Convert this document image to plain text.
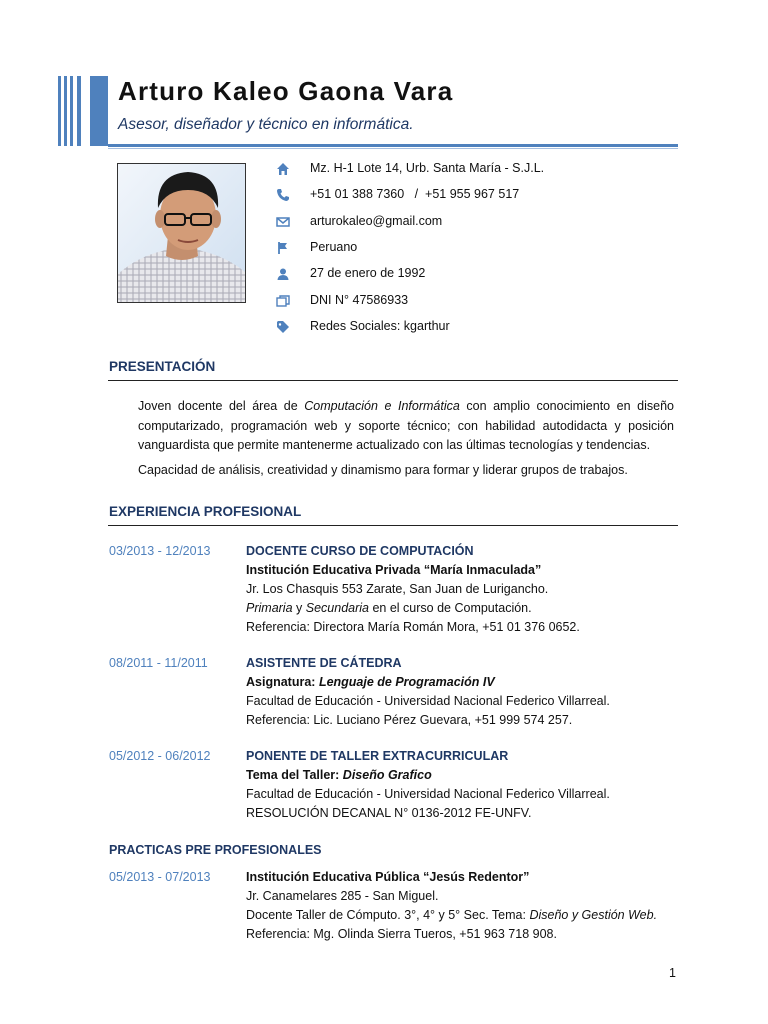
Arturo Kaleo Gaona Vara
Asesor, diseñador y técnico en informática.
Mz. H-1 Lote 14, Urb. Santa María - S.J.L.
+51 01 388 7360   /  +51 955 967 517
arturokaleo@gmail.com
Peruano
27 de enero de 1992
DNI N° 47586933
Redes Sociales: kgarthur
PRESENTACIÓN
Joven docente del área de Computación e Informática con amplio conocimiento en diseño computarizado, programación web y soporte técnico; con habilidad autodidacta y posición vanguardista que permite mantenerme actualizado con las últimas tecnologías y tendencias.
Capacidad de análisis, creatividad y dinamismo para formar y liderar grupos de trabajos.
EXPERIENCIA PROFESIONAL
03/2013 - 12/2013	DOCENTE CURSO DE COMPUTACIÓN
Institución Educativa Privada “María Inmaculada”
Jr. Los Chasquis 553 Zarate, San Juan de Lurigancho.
Primaria y Secundaria en el curso de Computación.
Referencia: Directora María Román Mora, +51 01 376 0652.
08/2011 - 11/2011	ASISTENTE DE CÁTEDRA
Asignatura: Lenguaje de Programación IV
Facultad de Educación - Universidad Nacional Federico Villarreal.
Referencia: Lic. Luciano Pérez Guevara, +51 999 574 257.
05/2012 - 06/2012	PONENTE DE TALLER EXTRACURRICULAR
Tema del Taller: Diseño Grafico
Facultad de Educación - Universidad Nacional Federico Villarreal.
RESOLUCIÓN DECANAL N° 0136-2012 FE-UNFV.
PRACTICAS PRE PROFESIONALES
05/2013 - 07/2013	Institución Educativa Pública “Jesús Redentor”
Jr. Canamelares 285 - San Miguel.
Docente Taller de Cómputo. 3°, 4° y 5° Sec. Tema: Diseño y Gestión Web.
Referencia: Mg. Olinda Sierra Tueros, +51 963 718 908.
1
